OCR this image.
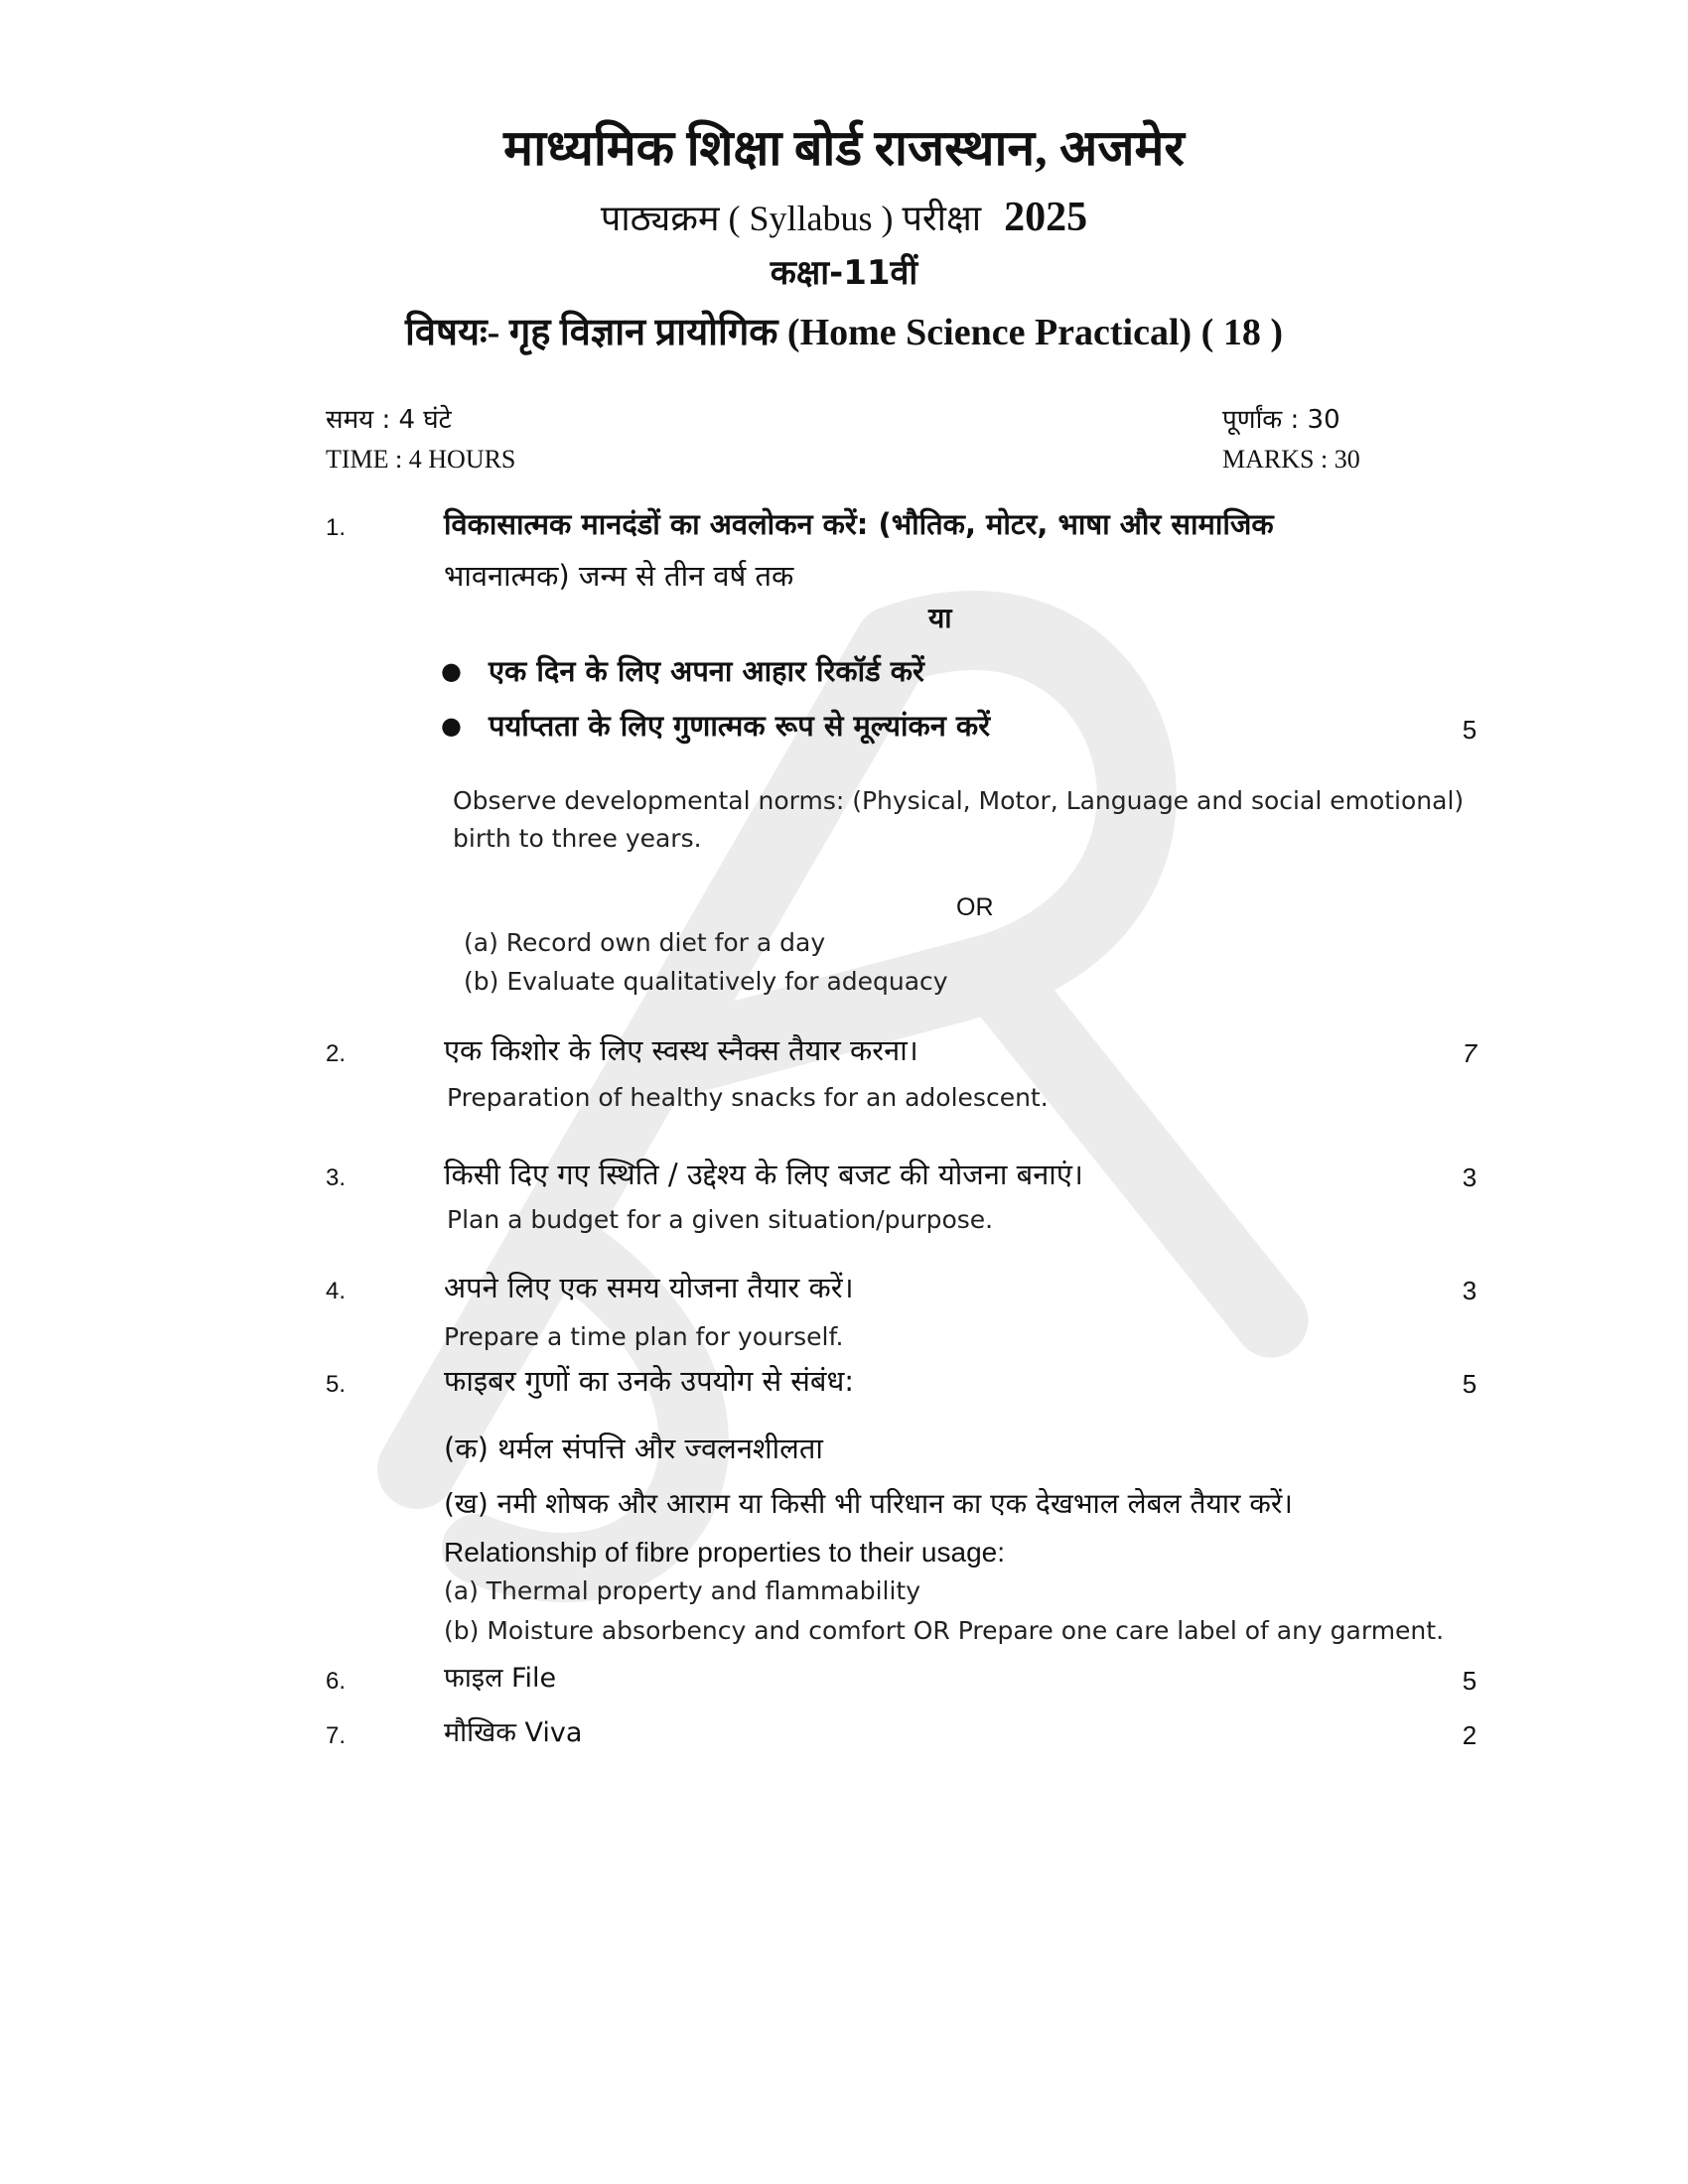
माध्यमिक शिक्षा बोर्ड राजस्थान, अजमेर
पाठ्यक्रम ( Syllabus ) परीक्षा 2025
कक्षा-11वीं
विषयः- गृह विज्ञान प्रायोगिक (Home Science Practical) ( 18 )
समय : 4 घंटे
TIME : 4 HOURS
पूर्णांक : 30
MARKS : 30
1.	विकासात्मक मानदंडों का अवलोकन करें: (भौतिक, मोटर, भाषा और सामाजिक
भावनात्मक) जन्म से तीन वर्ष तक
या
● एक दिन के लिए अपना आहार रिकॉर्ड करें
● पर्याप्तता के लिए गुणात्मक रूप से मूल्यांकन करें	5
Observe developmental norms: (Physical, Motor, Language and social emotional)
birth to three years.
OR
(a) Record own diet for a day
(b) Evaluate qualitatively for adequacy
2.	एक किशोर के लिए स्वस्थ स्नैक्स तैयार करना।	7
Preparation of healthy snacks for an adolescent.
3.	किसी दिए गए स्थिति / उद्देश्य के लिए बजट की योजना बनाएं।	3
Plan a budget for a given situation/purpose.
4.	अपने लिए एक समय योजना तैयार करें।	3
Prepare a time plan for yourself.
5.	फाइबर गुणों का उनके उपयोग से संबंध:	5
(क) थर्मल संपत्ति और ज्वलनशीलता
(ख) नमी शोषक और आराम या किसी भी परिधान का एक देखभाल लेबल तैयार करें।
Relationship of fibre properties to their usage:
(a) Thermal property and flammability
(b) Moisture absorbency and comfort OR Prepare one care label of any garment.
6.	फाइल File	5
7.	मौखिक Viva	2
